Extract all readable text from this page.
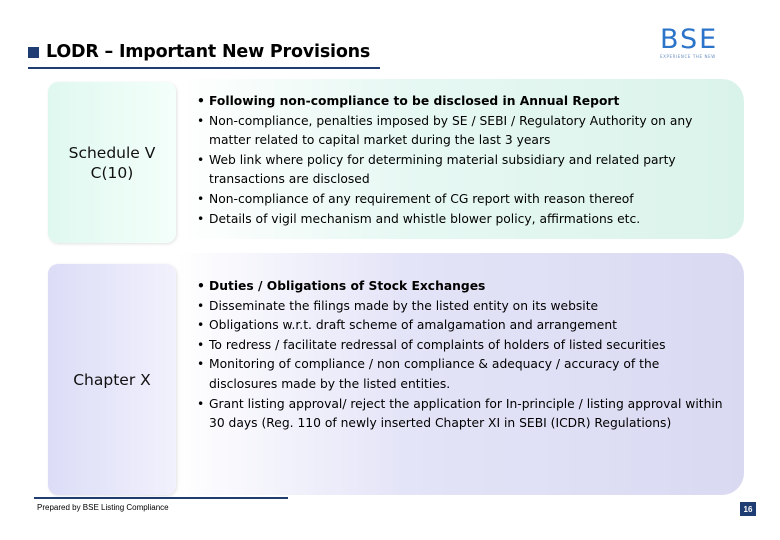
LODR – Important New Provisions	BSE
EXPERIENCE THE NEW
• Following non-compliance to be disclosed in Annual Report
• Non-compliance, penalties imposed by SE / SEBI / Regulatory Authority on any matter related to capital market during the last 3 years
• Web link where policy for determining material subsidiary and related party transactions are disclosed
• Non-compliance of any requirement of CG report with reason thereof
• Details of vigil mechanism and whistle blower policy, affirmations etc.
Schedule V
C(10)
• Duties / Obligations of Stock Exchanges
• Disseminate the filings made by the listed entity on its website
• Obligations w.r.t. draft scheme of amalgamation and arrangement
• To redress / facilitate redressal of complaints of holders of listed securities
• Monitoring of compliance / non compliance & adequacy / accuracy of the disclosures made by the listed entities.
• Grant listing approval/ reject the application for In-principle / listing approval within 30 days (Reg. 110 of newly inserted Chapter XI in SEBI (ICDR) Regulations)
Chapter X
Prepared by BSE Listing Compliance	16
